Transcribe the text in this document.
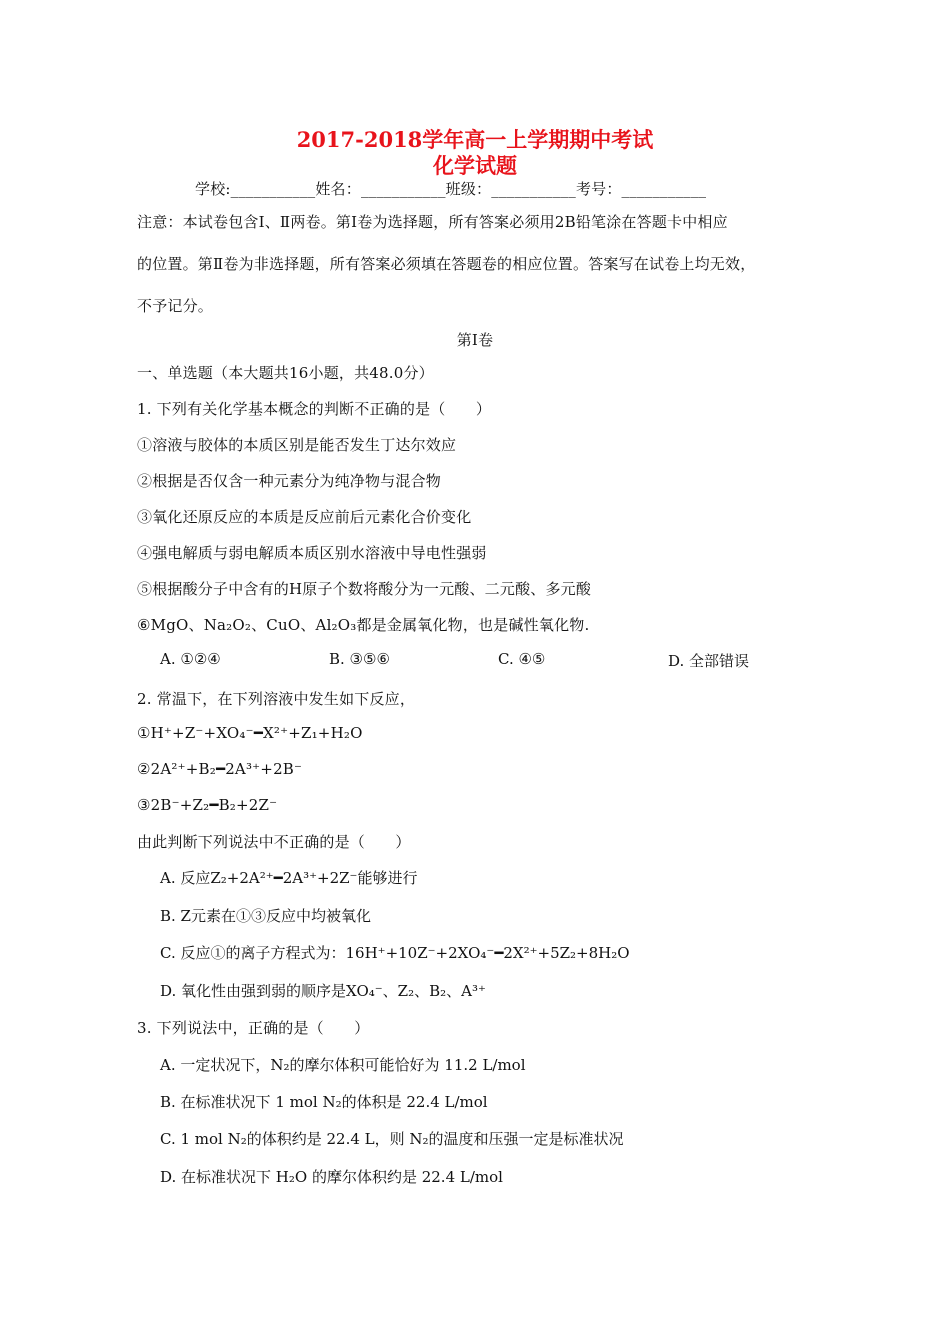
2017-2018学年高一上学期期中考试
化学试题
学校:___________姓名：___________班级：___________考号：___________
注意：本试卷包含Ⅰ、Ⅱ两卷。第Ⅰ卷为选择题，所有答案必须用2B铅笔涂在答题卡中相应
的位置。第Ⅱ卷为非选择题，所有答案必须填在答题卷的相应位置。答案写在试卷上均无效，
不予记分。
第Ⅰ卷
一、单选题（本大题共16小题，共48.0分）
1. 下列有关化学基本概念的判断不正确的是（　　）
①溶液与胶体的本质区别是能否发生丁达尔效应
②根据是否仅含一种元素分为纯净物与混合物
③氧化还原反应的本质是反应前后元素化合价变化
④强电解质与弱电解质本质区别水溶液中导电性强弱
⑤根据酸分子中含有的H原子个数将酸分为一元酸、二元酸、多元酸
⑥MgO、Na₂O₂、CuO、Al₂O₃都是金属氧化物，也是碱性氧化物.
A. ①②④	B. ③⑤⑥	C. ④⑤	D. 全部错误
2. 常温下，在下列溶液中发生如下反应，
①H⁺+Z⁻+XO₄⁻━X²⁺+Z₁+H₂O
②2A²⁺+B₂━2A³⁺+2B⁻
③2B⁻+Z₂━B₂+2Z⁻
由此判断下列说法中不正确的是（　　）
A. 反应Z₂+2A²⁺━2A³⁺+2Z⁻能够进行
B. Z元素在①③反应中均被氧化
C. 反应①的离子方程式为：16H⁺+10Z⁻+2XO₄⁻━2X²⁺+5Z₂+8H₂O
D. 氧化性由强到弱的顺序是XO₄⁻、Z₂、B₂、A³⁺
3. 下列说法中，正确的是（　　）
A. 一定状况下，N₂的摩尔体积可能恰好为 11.2 L/mol
B. 在标准状况下 1 mol N₂的体积是 22.4 L/mol
C. 1 mol N₂的体积约是 22.4 L，则 N₂的温度和压强一定是标准状况
D. 在标准状况下 H₂O 的摩尔体积约是 22.4 L/mol
